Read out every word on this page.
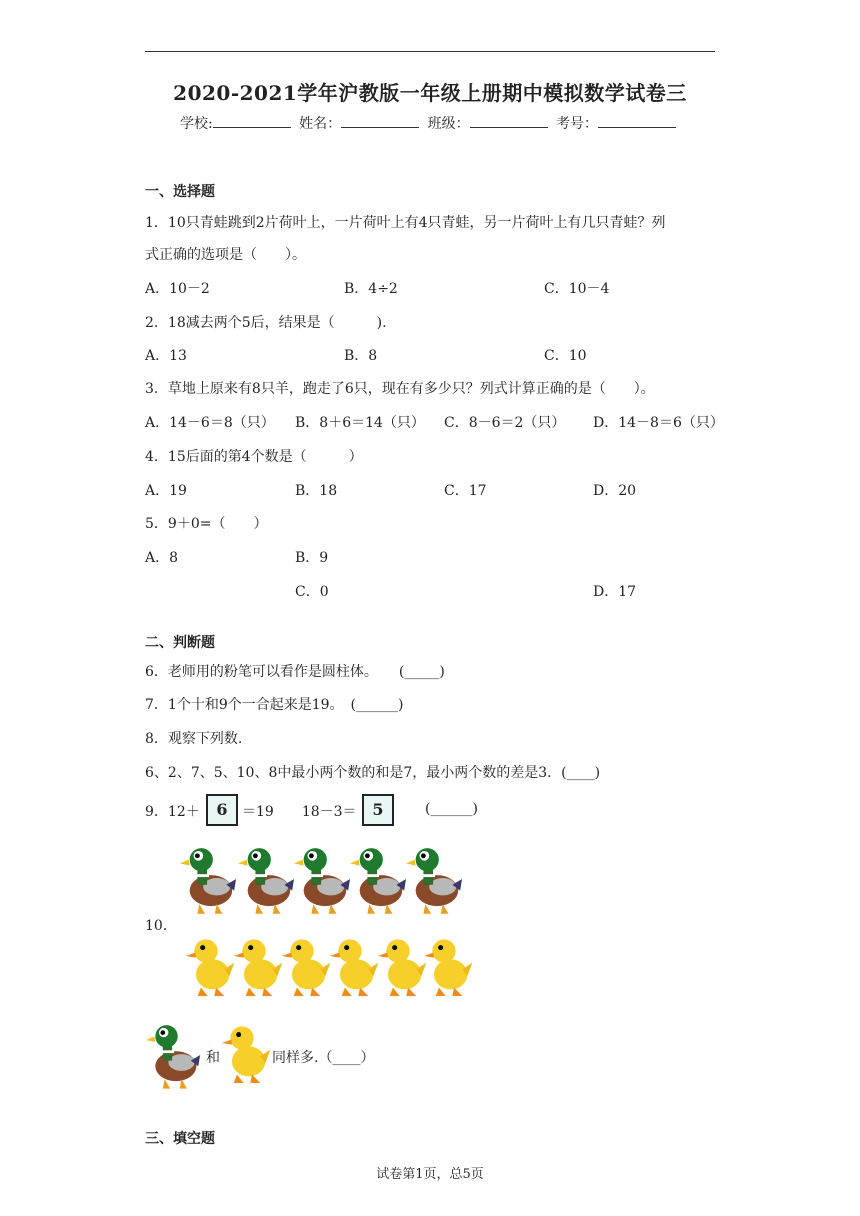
2020-2021学年沪教版一年级上册期中模拟数学试卷三
学校:	姓名：	班级：	考号：
一、选择题
1．10只青蛙跳到2片荷叶上，一片荷叶上有4只青蛙，另一片荷叶上有几只青蛙？列
式正确的选项是（　　）。
A．10－2	B．4÷2	C．10－4
2．18减去两个5后，结果是（　　　).
A．13	B．8	C．10
3．草地上原来有8只羊，跑走了6只，现在有多少只？列式计算正确的是（　　）。
A．14－6＝8（只） B．8＋6＝14（只） C．8－6＝2（只） D．14－8＝6（只）
4．15后面的第4个数是（　　　）
A．19	B．18	C．17	D．20
5．9＋0=（　　）
A．8	B．9
C．0	D．17
二、判断题
6．老师用的粉笔可以看作是圆柱体。　　(_____)
7．1个十和9个一合起来是19。　(______)
8．观察下列数.
6、2、7、5、10、8中最小两个数的和是7，最小两个数的差是3．(____)
9．12＋	6	＝19　　18－3＝ 5	(______)
10．
和	同样多.（____）
三、填空题
试卷第1页，总5页
